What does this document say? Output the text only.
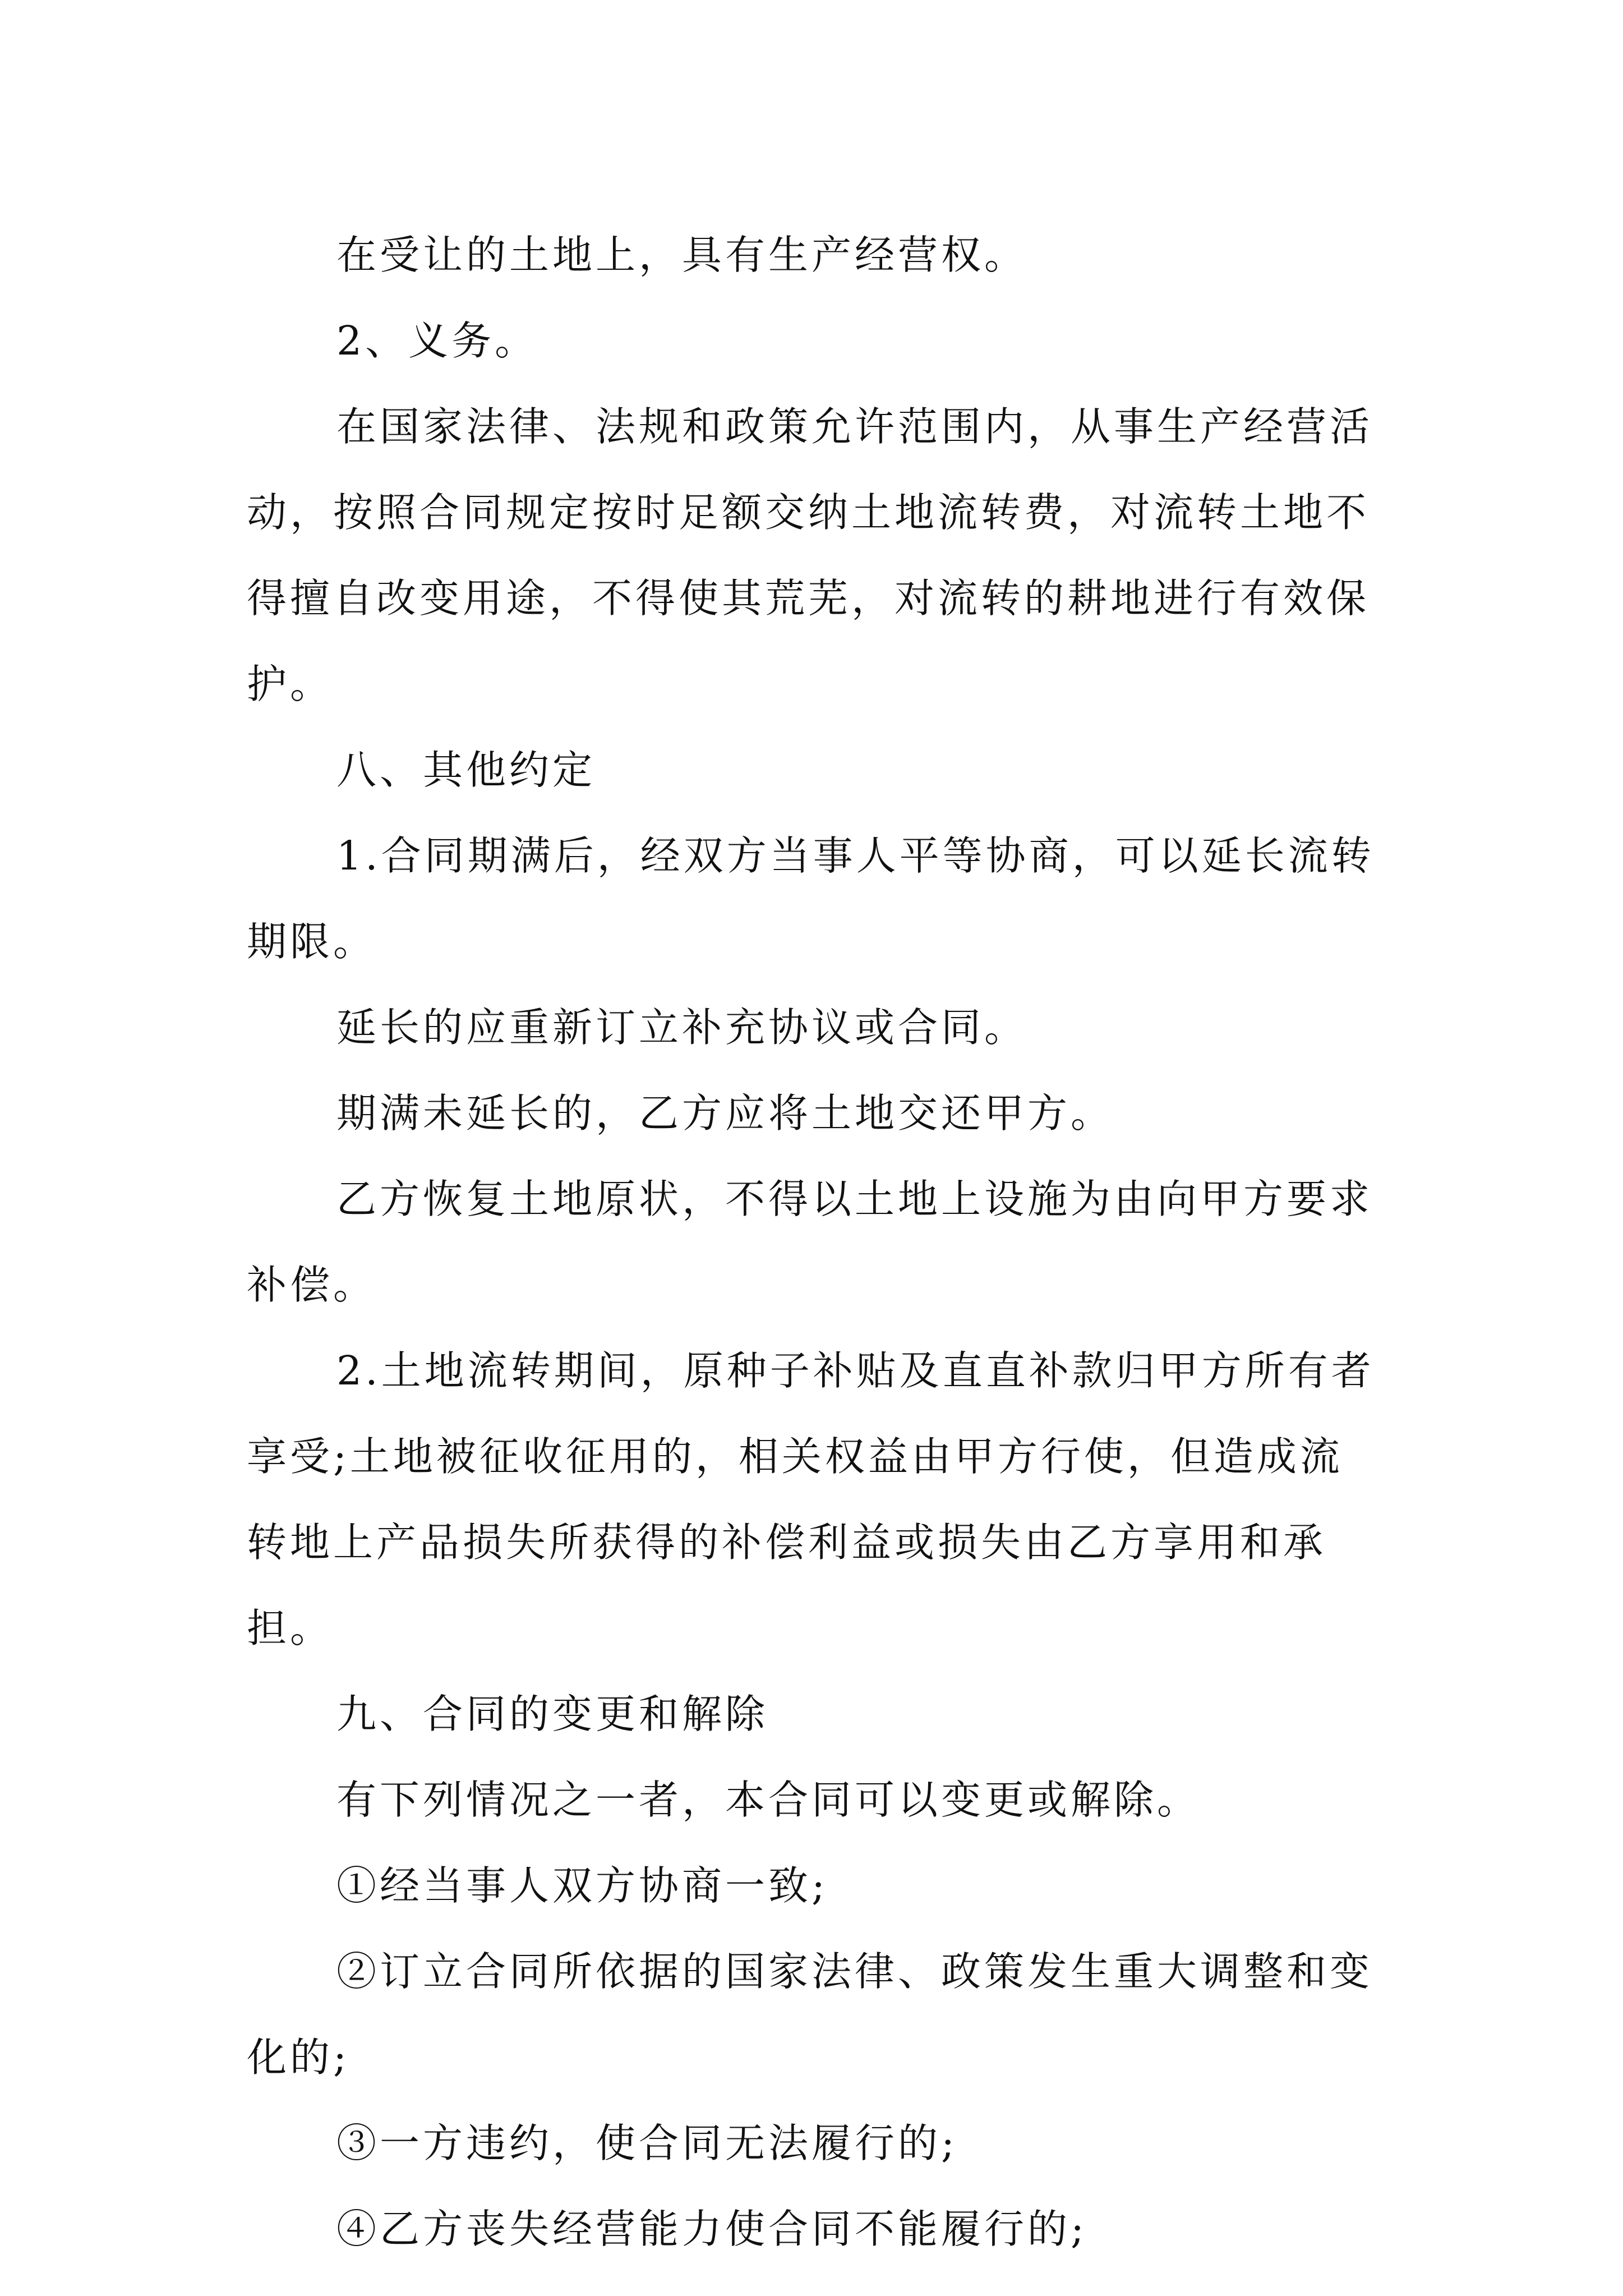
在受让的土地上，具有生产经营权。

2、义务。

在国家法律、法规和政策允许范围内，从事生产经营活

动，按照合同规定按时足额交纳土地流转费，对流转土地不

得擅自改变用途，不得使其荒芜，对流转的耕地进行有效保

护。

八、其他约定

1.合同期满后，经双方当事人平等协商，可以延长流转

期限。

延长的应重新订立补充协议或合同。

期满未延长的，乙方应将土地交还甲方。

乙方恢复土地原状，不得以土地上设施为由向甲方要求

补偿。

2.土地流转期间，原种子补贴及直直补款归甲方所有者

享受;土地被征收征用的，相关权益由甲方行使，但造成流

转地上产品损失所获得的补偿利益或损失由乙方享用和承

担。

九、合同的变更和解除

有下列情况之一者，本合同可以变更或解除。

①经当事人双方协商一致;

②订立合同所依据的国家法律、政策发生重大调整和变

化的;

③一方违约，使合同无法履行的;

④乙方丧失经营能力使合同不能履行的;
